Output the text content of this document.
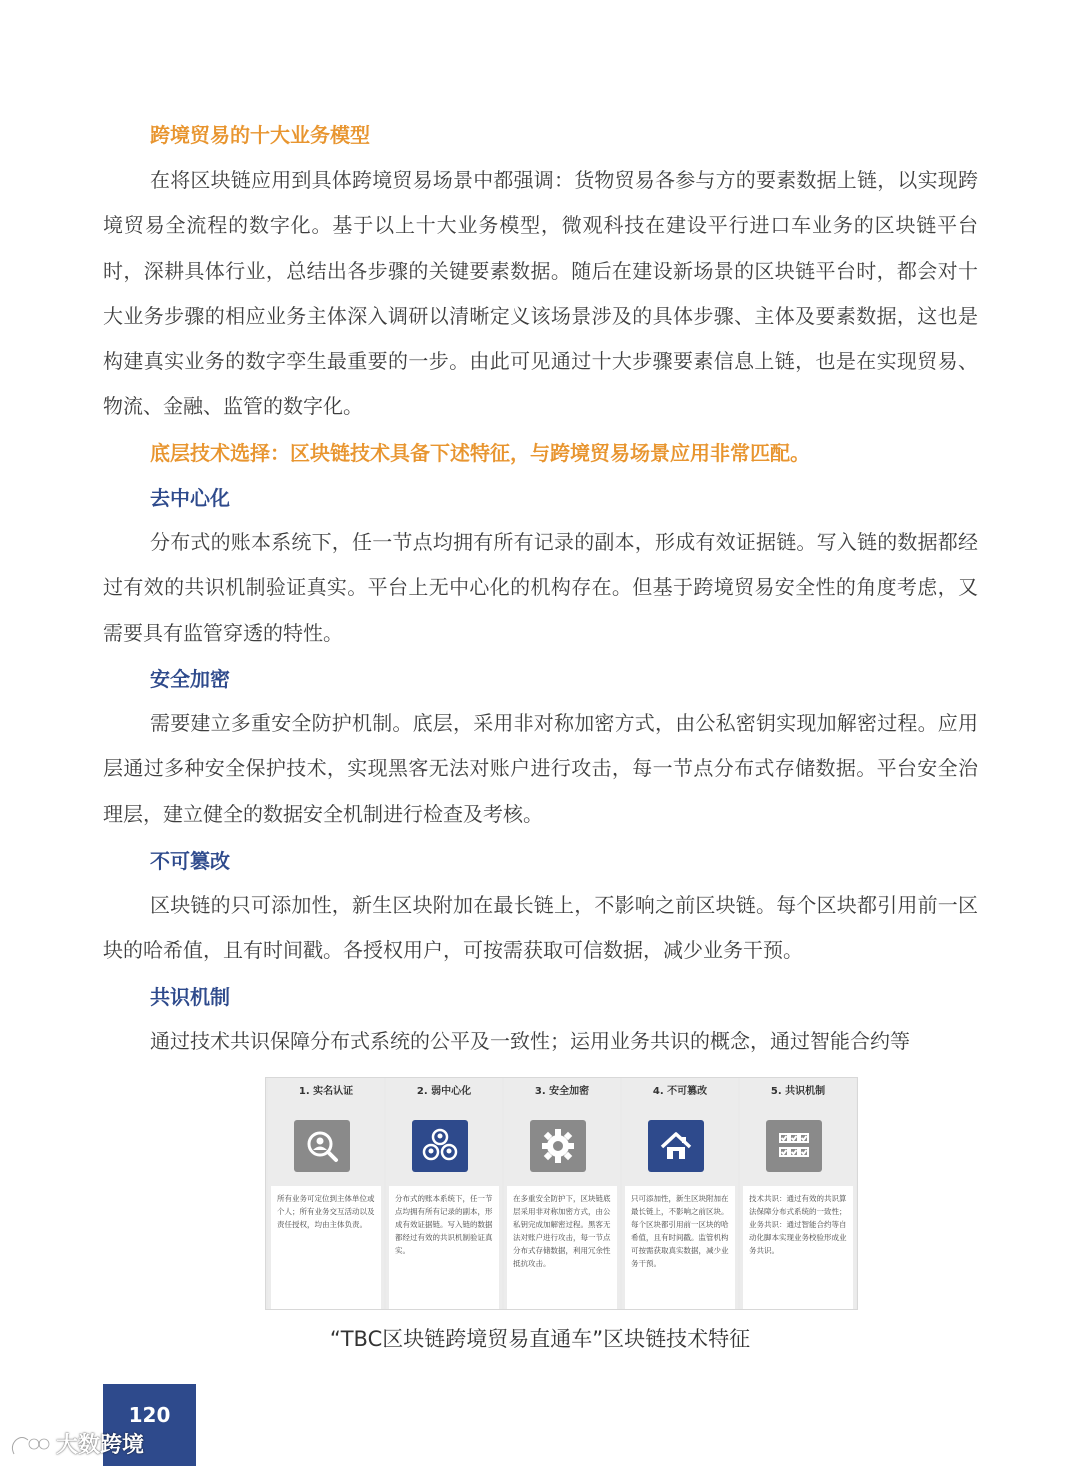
跨境贸易的十大业务模型

在将区块链应用到具体跨境贸易场景中都强调：货物贸易各参与方的要素数据上链，以实现跨境贸易全流程的数字化。基于以上十大业务模型，微观科技在建设平行进口车业务的区块链平台时，深耕具体行业，总结出各步骤的关键要素数据。随后在建设新场景的区块链平台时，都会对十大业务步骤的相应业务主体深入调研以清晰定义该场景涉及的具体步骤、主体及要素数据，这也是构建真实业务的数字孪生最重要的一步。由此可见通过十大步骤要素信息上链，也是在实现贸易、物流、金融、监管的数字化。

底层技术选择：区块链技术具备下述特征，与跨境贸易场景应用非常匹配。
去中心化

分布式的账本系统下，任一节点均拥有所有记录的副本，形成有效证据链。写入链的数据都经过有效的共识机制验证真实。平台上无中心化的机构存在。但基于跨境贸易安全性的角度考虑，又需要具有监管穿透的特性。

安全加密

需要建立多重安全防护机制。底层，采用非对称加密方式，由公私密钥实现加解密过程。应用层通过多种安全保护技术，实现黑客无法对账户进行攻击，每一节点分布式存储数据。平台安全治理层，建立健全的数据安全机制进行检查及考核。

不可篡改

区块链的只可添加性，新生区块附加在最长链上，不影响之前区块链。每个区块都引用前一区块的哈希值，且有时间戳。各授权用户，可按需获取可信数据，减少业务干预。

共识机制

通过技术共识保障分布式系统的公平及一致性；运用业务共识的概念，通过智能合约等

1. 实名认证
所有业务可定位到主体单位或个人；所有业务交互活动以及责任授权，均由主体负责。
2. 弱中心化
分布式的账本系统下，任一节点均拥有所有记录的副本，形成有效证据链。写入链的数据都经过有效的共识机制验证真实。
3. 安全加密
在多重安全防护下，区块链底层采用非对称加密方式，由公私钥完成加解密过程。黑客无法对账户进行攻击，每一节点分布式存储数据，利用冗余性抵抗攻击。
4. 不可篡改
只可添加性，新生区块附加在最长链上，不影响之前区块。每个区块都引用前一区块的哈希值，且有时间戳。监管机构可按需获取真实数据，减少业务干预。
5. 共识机制
技术共识：通过有效的共识算法保障分布式系统的一致性；业务共识：通过智能合约等自动化脚本实现业务校验形成业务共识。
“TBC区块链跨境贸易直通车”区块链技术特征
120
大数跨境
